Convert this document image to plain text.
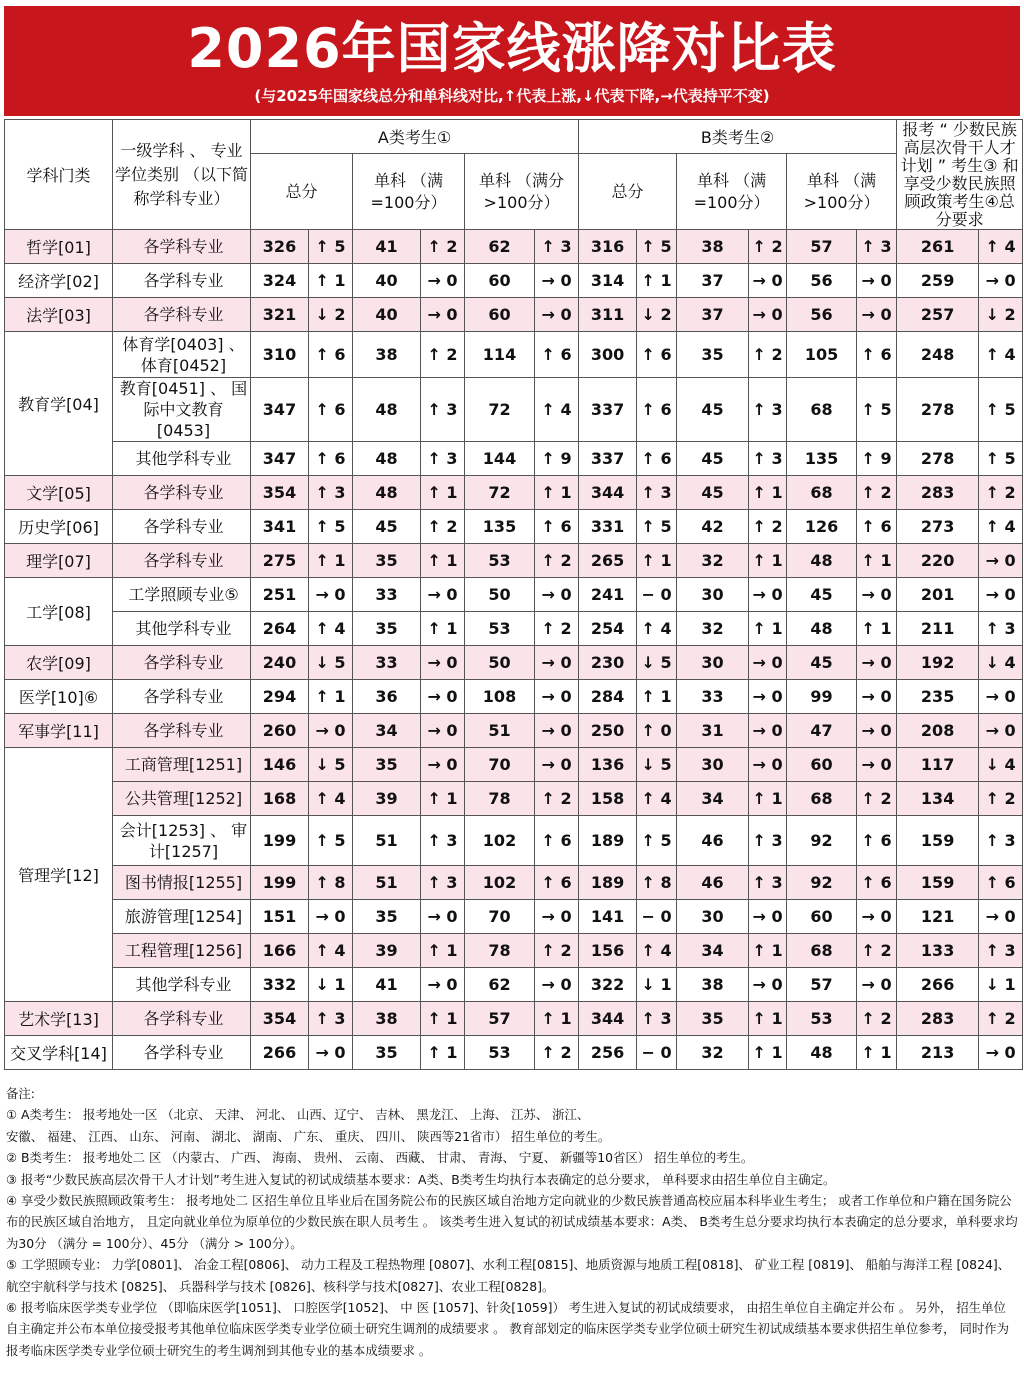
2026年国家线涨降对比表
(与2025年国家线总分和单科线对比,↑代表上涨,↓代表下降,→代表持平不变)
学科门类	一级学科 、 专业学位类别 （以下简称学科专业）	A类考生①						B类考生②						报考 “ 少数民族高层次骨干人才计划 ” 考生③ 和享受少数民族照顾政策考生④总分要求	
		总分		单科 （满=100分）		单科 （满分>100分）		总分		单科 （满=100分）		单科 （满>100分）			
哲学[01]	各学科专业	326	↑ 5	41	↑ 2	62	↑ 3	316	↑ 5	38	↑ 2	57	↑ 3	261	↑ 4
经济学[02]	各学科专业	324	↑ 1	40	→ 0	60	→ 0	314	↑ 1	37	→ 0	56	→ 0	259	→ 0
法学[03]	各学科专业	321	↓ 2	40	→ 0	60	→ 0	311	↓ 2	37	→ 0	56	→ 0	257	↓ 2
教育学[04]	体育学[0403] 、体育[0452]	310	↑ 6	38	↑ 2	114	↑ 6	300	↑ 6	35	↑ 2	105	↑ 6	248	↑ 4
	教育[0451] 、 国际中文教育[0453]	347	↑ 6	48	↑ 3	72	↑ 4	337	↑ 6	45	↑ 3	68	↑ 5	278	↑ 5
	其他学科专业	347	↑ 6	48	↑ 3	144	↑ 9	337	↑ 6	45	↑ 3	135	↑ 9	278	↑ 5
文学[05]	各学科专业	354	↑ 3	48	↑ 1	72	↑ 1	344	↑ 3	45	↑ 1	68	↑ 2	283	↑ 2
历史学[06]	各学科专业	341	↑ 5	45	↑ 2	135	↑ 6	331	↑ 5	42	↑ 2	126	↑ 6	273	↑ 4
理学[07]	各学科专业	275	↑ 1	35	↑ 1	53	↑ 2	265	↑ 1	32	↑ 1	48	↑ 1	220	→ 0
工学[08]	工学照顾专业⑤	251	→ 0	33	→ 0	50	→ 0	241	− 0	30	→ 0	45	→ 0	201	→ 0
	其他学科专业	264	↑ 4	35	↑ 1	53	↑ 2	254	↑ 4	32	↑ 1	48	↑ 1	211	↑ 3
农学[09]	各学科专业	240	↓ 5	33	→ 0	50	→ 0	230	↓ 5	30	→ 0	45	→ 0	192	↓ 4
医学[10]⑥	各学科专业	294	↑ 1	36	→ 0	108	→ 0	284	↑ 1	33	→ 0	99	→ 0	235	→ 0
军事学[11]	各学科专业	260	→ 0	34	→ 0	51	→ 0	250	↑ 0	31	→ 0	47	→ 0	208	→ 0
管理学[12]	工商管理[1251]	146	↓ 5	35	→ 0	70	→ 0	136	↓ 5	30	→ 0	60	→ 0	117	↓ 4
	公共管理[1252]	168	↑ 4	39	↑ 1	78	↑ 2	158	↑ 4	34	↑ 1	68	↑ 2	134	↑ 2
	会计[1253] 、 审计[1257]	199	↑ 5	51	↑ 3	102	↑ 6	189	↑ 5	46	↑ 3	92	↑ 6	159	↑ 3
	图书情报[1255]	199	↑ 8	51	↑ 3	102	↑ 6	189	↑ 8	46	↑ 3	92	↑ 6	159	↑ 6
	旅游管理[1254]	151	→ 0	35	→ 0	70	→ 0	141	− 0	30	→ 0	60	→ 0	121	→ 0
	工程管理[1256]	166	↑ 4	39	↑ 1	78	↑ 2	156	↑ 4	34	↑ 1	68	↑ 2	133	↑ 3
	其他学科专业	332	↓ 1	41	→ 0	62	→ 0	322	↓ 1	38	→ 0	57	→ 0	266	↓ 1
艺术学[13]	各学科专业	354	↑ 3	38	↑ 1	57	↑ 1	344	↑ 3	35	↑ 1	53	↑ 2	283	↑ 2
交叉学科[14]	各学科专业	266	→ 0	35	↑ 1	53	↑ 2	256	− 0	32	↑ 1	48	↑ 1	213	→ 0

备注:

① A类考生： 报考地处一区 （北京、 天津、 河北、 山西、辽宁、 吉林、 黑龙江、 上海、 江苏、 浙江、

安徽、 福建、 江西、 山东、 河南、 湖北、 湖南、 广东、 重庆、 四川、 陕西等21省市） 招生单位的考生。

② B类考生： 报考地处二 区 （内蒙古、 广西、 海南、 贵州、 云南、 西藏、 甘肃、 青海、 宁夏、 新疆等10省区） 招生单位的考生。

③ 报考“少数民族高层次骨干人才计划”考生进入复试的初试成绩基本要求：A类、B类考生均执行本表确定的总分要求， 单科要求由招生单位自主确定。

④ 享受少数民族照顾政策考生： 报考地处二 区招生单位且毕业后在国务院公布的民族区域自治地方定向就业的少数民族普通高校应届本科毕业生考生； 或者工作单位和户籍在国务院公布的民族区域自治地方， 且定向就业单位为原单位的少数民族在职人员考生 。 该类考生进入复试的初试成绩基本要求：A类、 B类考生总分要求均执行本表确定的总分要求，单科要求均为30分 （满分 = 100分）、45分 （满分 > 100分）。

⑤ 工学照顾专业： 力学[0801]、 冶金工程[0806]、 动力工程及工程热物理 [0807]、水利工程[0815]、地质资源与地质工程[0818]、 矿业工程 [0819]、 船舶与海洋工程 [0824]、 航空宇航科学与技术 [0825]、 兵器科学与技术 [0826]、核科学与技术[0827]、农业工程[0828]。

⑥ 报考临床医学类专业学位 （即临床医学[1051]、 口腔医学[1052]、 中 医 [1057]、针灸[1059]） 考生进入复试的初试成绩要求， 由招生单位自主确定并公布 。 另外， 招生单位自主确定并公布本单位接受报考其他单位临床医学类专业学位硕士研究生调剂的成绩要求 。 教育部划定的临床医学类专业学位硕士研究生初试成绩基本要求供招生单位参考， 同时作为报考临床医学类专业学位硕士研究生的考生调剂到其他专业的基本成绩要求 。
